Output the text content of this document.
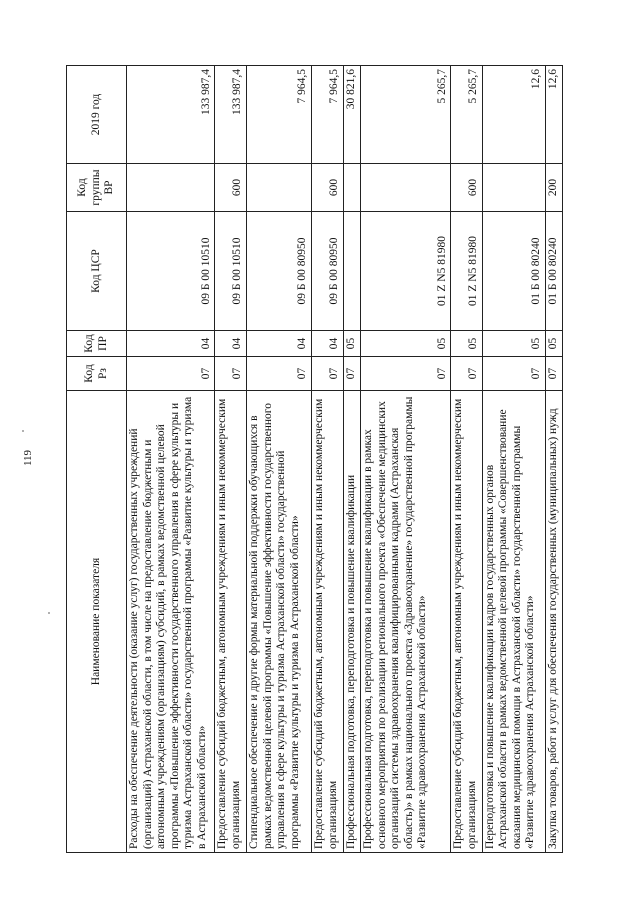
119
Наименование показателя	Код Рз	Код ПР	Код ЦСР	Код группы ВР	2019 год
Расходы на обеспечение деятельности (оказание услуг) государственных учреждений (организаций) Астраханской области, в том числе на предоставление бюджетным и автономным учреждениям (организациям) субсидий, в рамках ведомственной целевой программы «Повышение эффективности государственного управления в сфере культуры и туризма Астраханской области» государственной программы «Развитие культуры и туризма в Астраханской области»	07	04	09 Б 00 10510		133 987,4
Предоставление субсидий бюджетным, автономным учреждениям и иным некоммерческим организациям	07	04	09 Б 00 10510	600	133 987,4
Стипендиальное обеспечение и другие формы материальной поддержки обучающихся в рамках ведомственной целевой программы «Повышение эффективности государственного управления в сфере культуры и туризма Астраханской области» государственной программы «Развитие культуры и туризма в Астраханской области»	07	04	09 Б 00 80950		7 964,5
Предоставление субсидий бюджетным, автономным учреждениям и иным некоммерческим организациям	07	04	09 Б 00 80950	600	7 964,5
Профессиональная подготовка, переподготовка и повышение квалификации	07	05			30 821,6
Профессиональная подготовка, переподготовка и повышение квалификации в рамках основного мероприятия по реализации регионального проекта «Обеспечение медицинских организаций системы здравоохранения квалифицированными кадрами (Астраханская область)» в рамках национального проекта «Здравоохранение» государственной программы «Развитие здравоохранения Астраханской области»	07	05	01 Z N5 81980		5 265,7
Предоставление субсидий бюджетным, автономным учреждениям и иным некоммерческим организациям	07	05	01 Z N5 81980	600	5 265,7
Переподготовка и повышение квалификации кадров государственных органов Астраханской области в рамках ведомственной целевой программы «Совершенствование оказания медицинской помощи в Астраханской области» государственной программы «Развитие здравоохранения Астраханской области»	07	05	01 Б 00 80240		12,6
Закупка товаров, работ и услуг для обеспечения государственных (муниципальных) нужд	07	05	01 Б 00 80240	200	12,6
